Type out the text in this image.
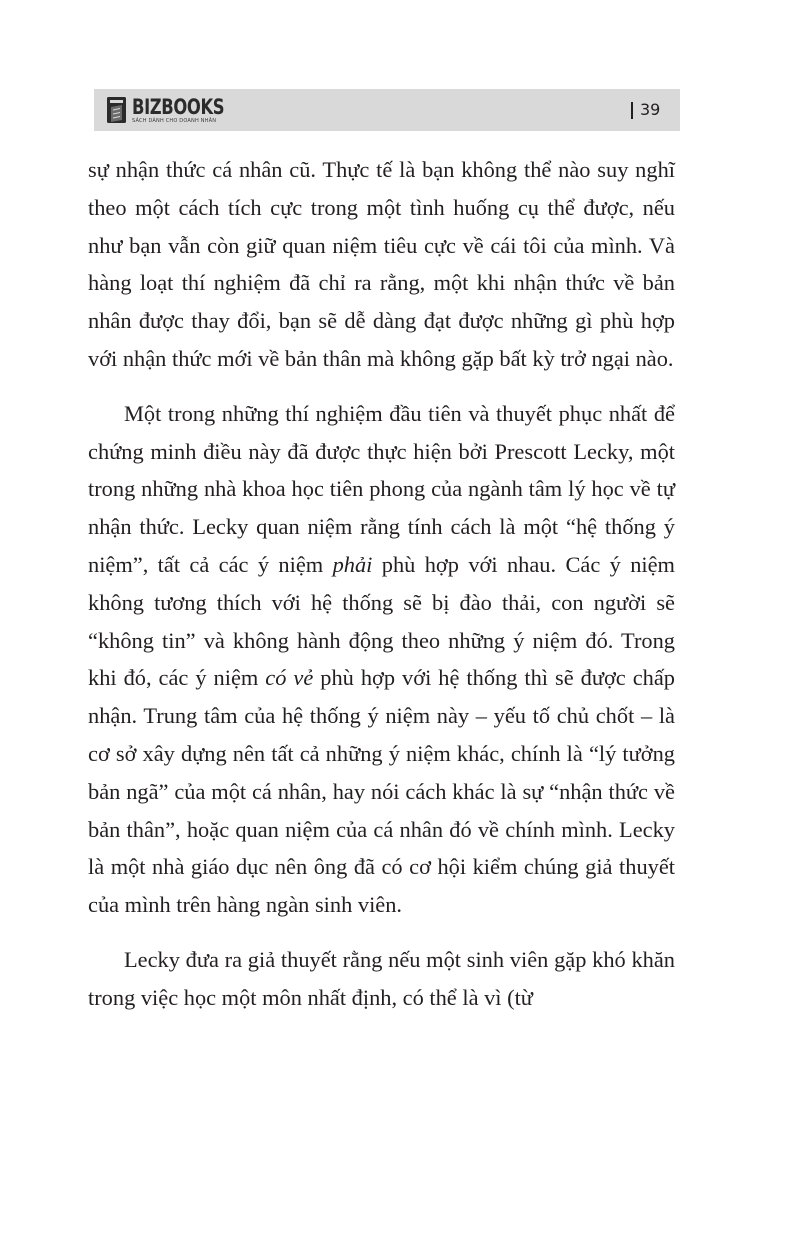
BIZBOOKS
SÁCH DÀNH CHO DOANH NHÂN
39

sự nhận thức cá nhân cũ. Thực tế là bạn không thể nào suy nghĩ theo một cách tích cực trong một tình huống cụ thể được, nếu như bạn vẫn còn giữ quan niệm tiêu cực về cái tôi của mình. Và hàng loạt thí nghiệm đã chỉ ra rằng, một khi nhận thức về bản nhân được thay đổi, bạn sẽ dễ dàng đạt được những gì phù hợp với nhận thức mới về bản thân mà không gặp bất kỳ trở ngại nào.

Một trong những thí nghiệm đầu tiên và thuyết phục nhất để chứng minh điều này đã được thực hiện bởi Prescott Lecky, một trong những nhà khoa học tiên phong của ngành tâm lý học về tự nhận thức. Lecky quan niệm rằng tính cách là một “hệ thống ý niệm”, tất cả các ý niệm phải phù hợp với nhau. Các ý niệm không tương thích với hệ thống sẽ bị đào thải, con người sẽ “không tin” và không hành động theo những ý niệm đó. Trong khi đó, các ý niệm có vẻ phù hợp với hệ thống thì sẽ được chấp nhận. Trung tâm của hệ thống ý niệm này – yếu tố chủ chốt – là cơ sở xây dựng nên tất cả những ý niệm khác, chính là “lý tưởng bản ngã” của một cá nhân, hay nói cách khác là sự “nhận thức về bản thân”, hoặc quan niệm của cá nhân đó về chính mình. Lecky là một nhà giáo dục nên ông đã có cơ hội kiểm chúng giả thuyết của mình trên hàng ngàn sinh viên.

Lecky đưa ra giả thuyết rằng nếu một sinh viên gặp khó khăn trong việc học một môn nhất định, có thể là vì (từ
